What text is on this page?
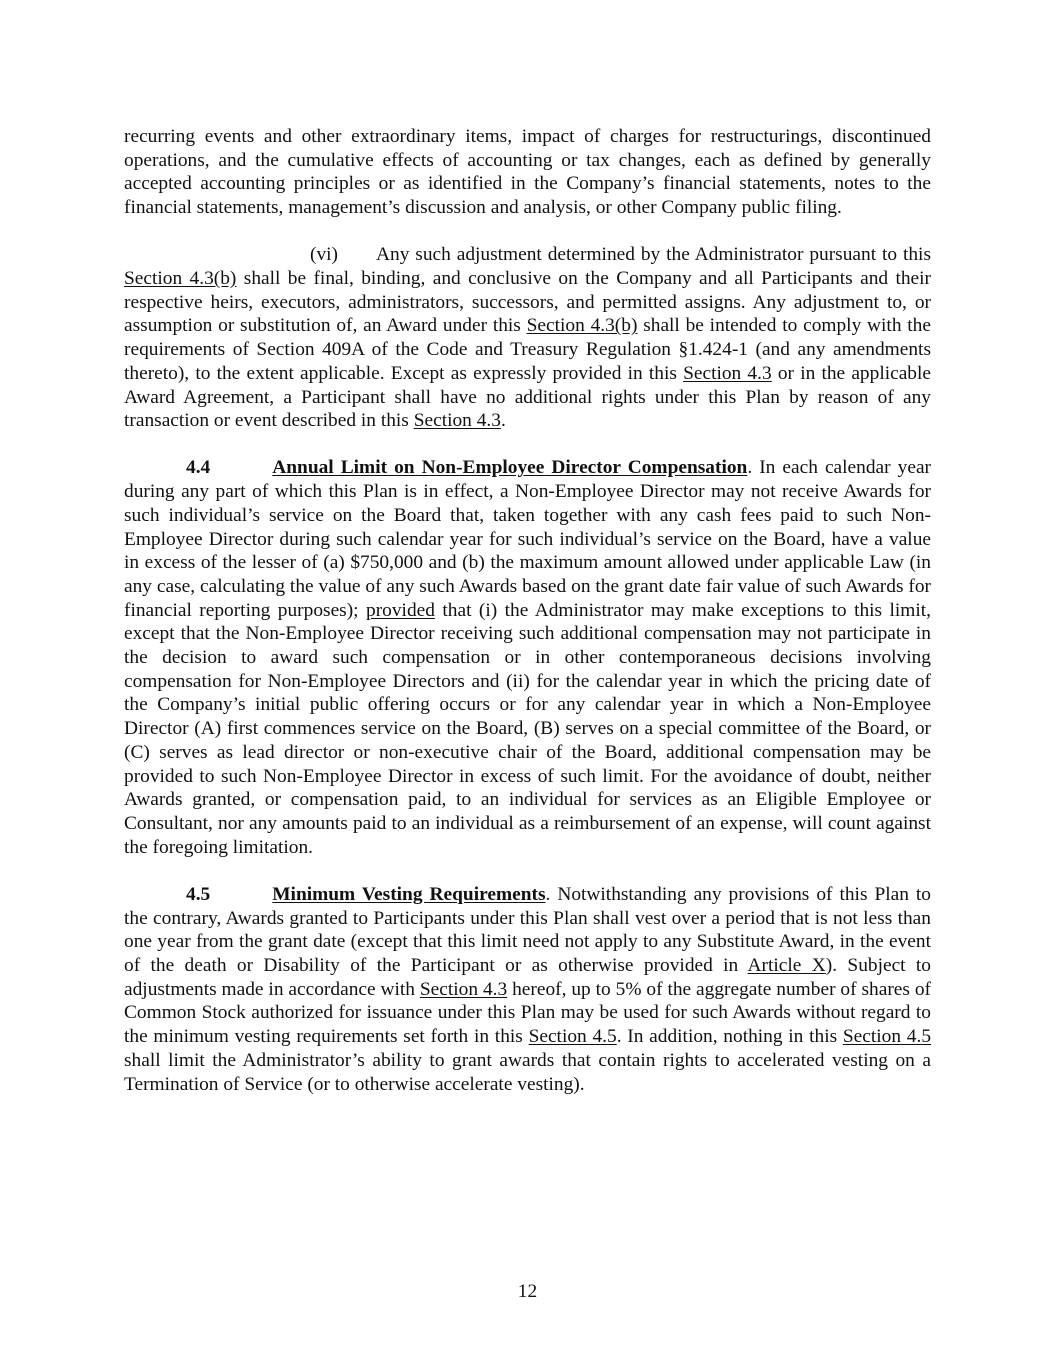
recurring events and other extraordinary items, impact of charges for restructurings, discontinued operations, and the cumulative effects of accounting or tax changes, each as defined by generally accepted accounting principles or as identified in the Company’s financial statements, notes to the financial statements, management’s discussion and analysis, or other Company public filing.

(vi) Any such adjustment determined by the Administrator pursuant to this Section 4.3(b) shall be final, binding, and conclusive on the Company and all Participants and their respective heirs, executors, administrators, successors, and permitted assigns. Any adjustment to, or assumption or substitution of, an Award under this Section 4.3(b) shall be intended to comply with the requirements of Section 409A of the Code and Treasury Regulation §1.424-1 (and any amendments thereto), to the extent applicable. Except as expressly provided in this Section 4.3 or in the applicable Award Agreement, a Participant shall have no additional rights under this Plan by reason of any transaction or event described in this Section 4.3.

4.4	Annual Limit on Non-Employee Director Compensation. In each calendar year during any part of which this Plan is in effect, a Non-Employee Director may not receive Awards for such individual’s service on the Board that, taken together with any cash fees paid to such Non-Employee Director during such calendar year for such individual’s service on the Board, have a value in excess of the lesser of (a) $750,000 and (b) the maximum amount allowed under applicable Law (in any case, calculating the value of any such Awards based on the grant date fair value of such Awards for financial reporting purposes); provided that (i) the Administrator may make exceptions to this limit, except that the Non-Employee Director receiving such additional compensation may not participate in the decision to award such compensation or in other contemporaneous decisions involving compensation for Non-Employee Directors and (ii) for the calendar year in which the pricing date of the Company’s initial public offering occurs or for any calendar year in which a Non-Employee Director (A) first commences service on the Board, (B) serves on a special committee of the Board, or (C) serves as lead director or non-executive chair of the Board, additional compensation may be provided to such Non-Employee Director in excess of such limit. For the avoidance of doubt, neither Awards granted, or compensation paid, to an individual for services as an Eligible Employee or Consultant, nor any amounts paid to an individual as a reimbursement of an expense, will count against the foregoing limitation.

4.5	Minimum Vesting Requirements. Notwithstanding any provisions of this Plan to the contrary, Awards granted to Participants under this Plan shall vest over a period that is not less than one year from the grant date (except that this limit need not apply to any Substitute Award, in the event of the death or Disability of the Participant or as otherwise provided in Article X). Subject to adjustments made in accordance with Section 4.3 hereof, up to 5% of the aggregate number of shares of Common Stock authorized for issuance under this Plan may be used for such Awards without regard to the minimum vesting requirements set forth in this Section 4.5. In addition, nothing in this Section 4.5 shall limit the Administrator’s ability to grant awards that contain rights to accelerated vesting on a Termination of Service (or to otherwise accelerate vesting).

12
